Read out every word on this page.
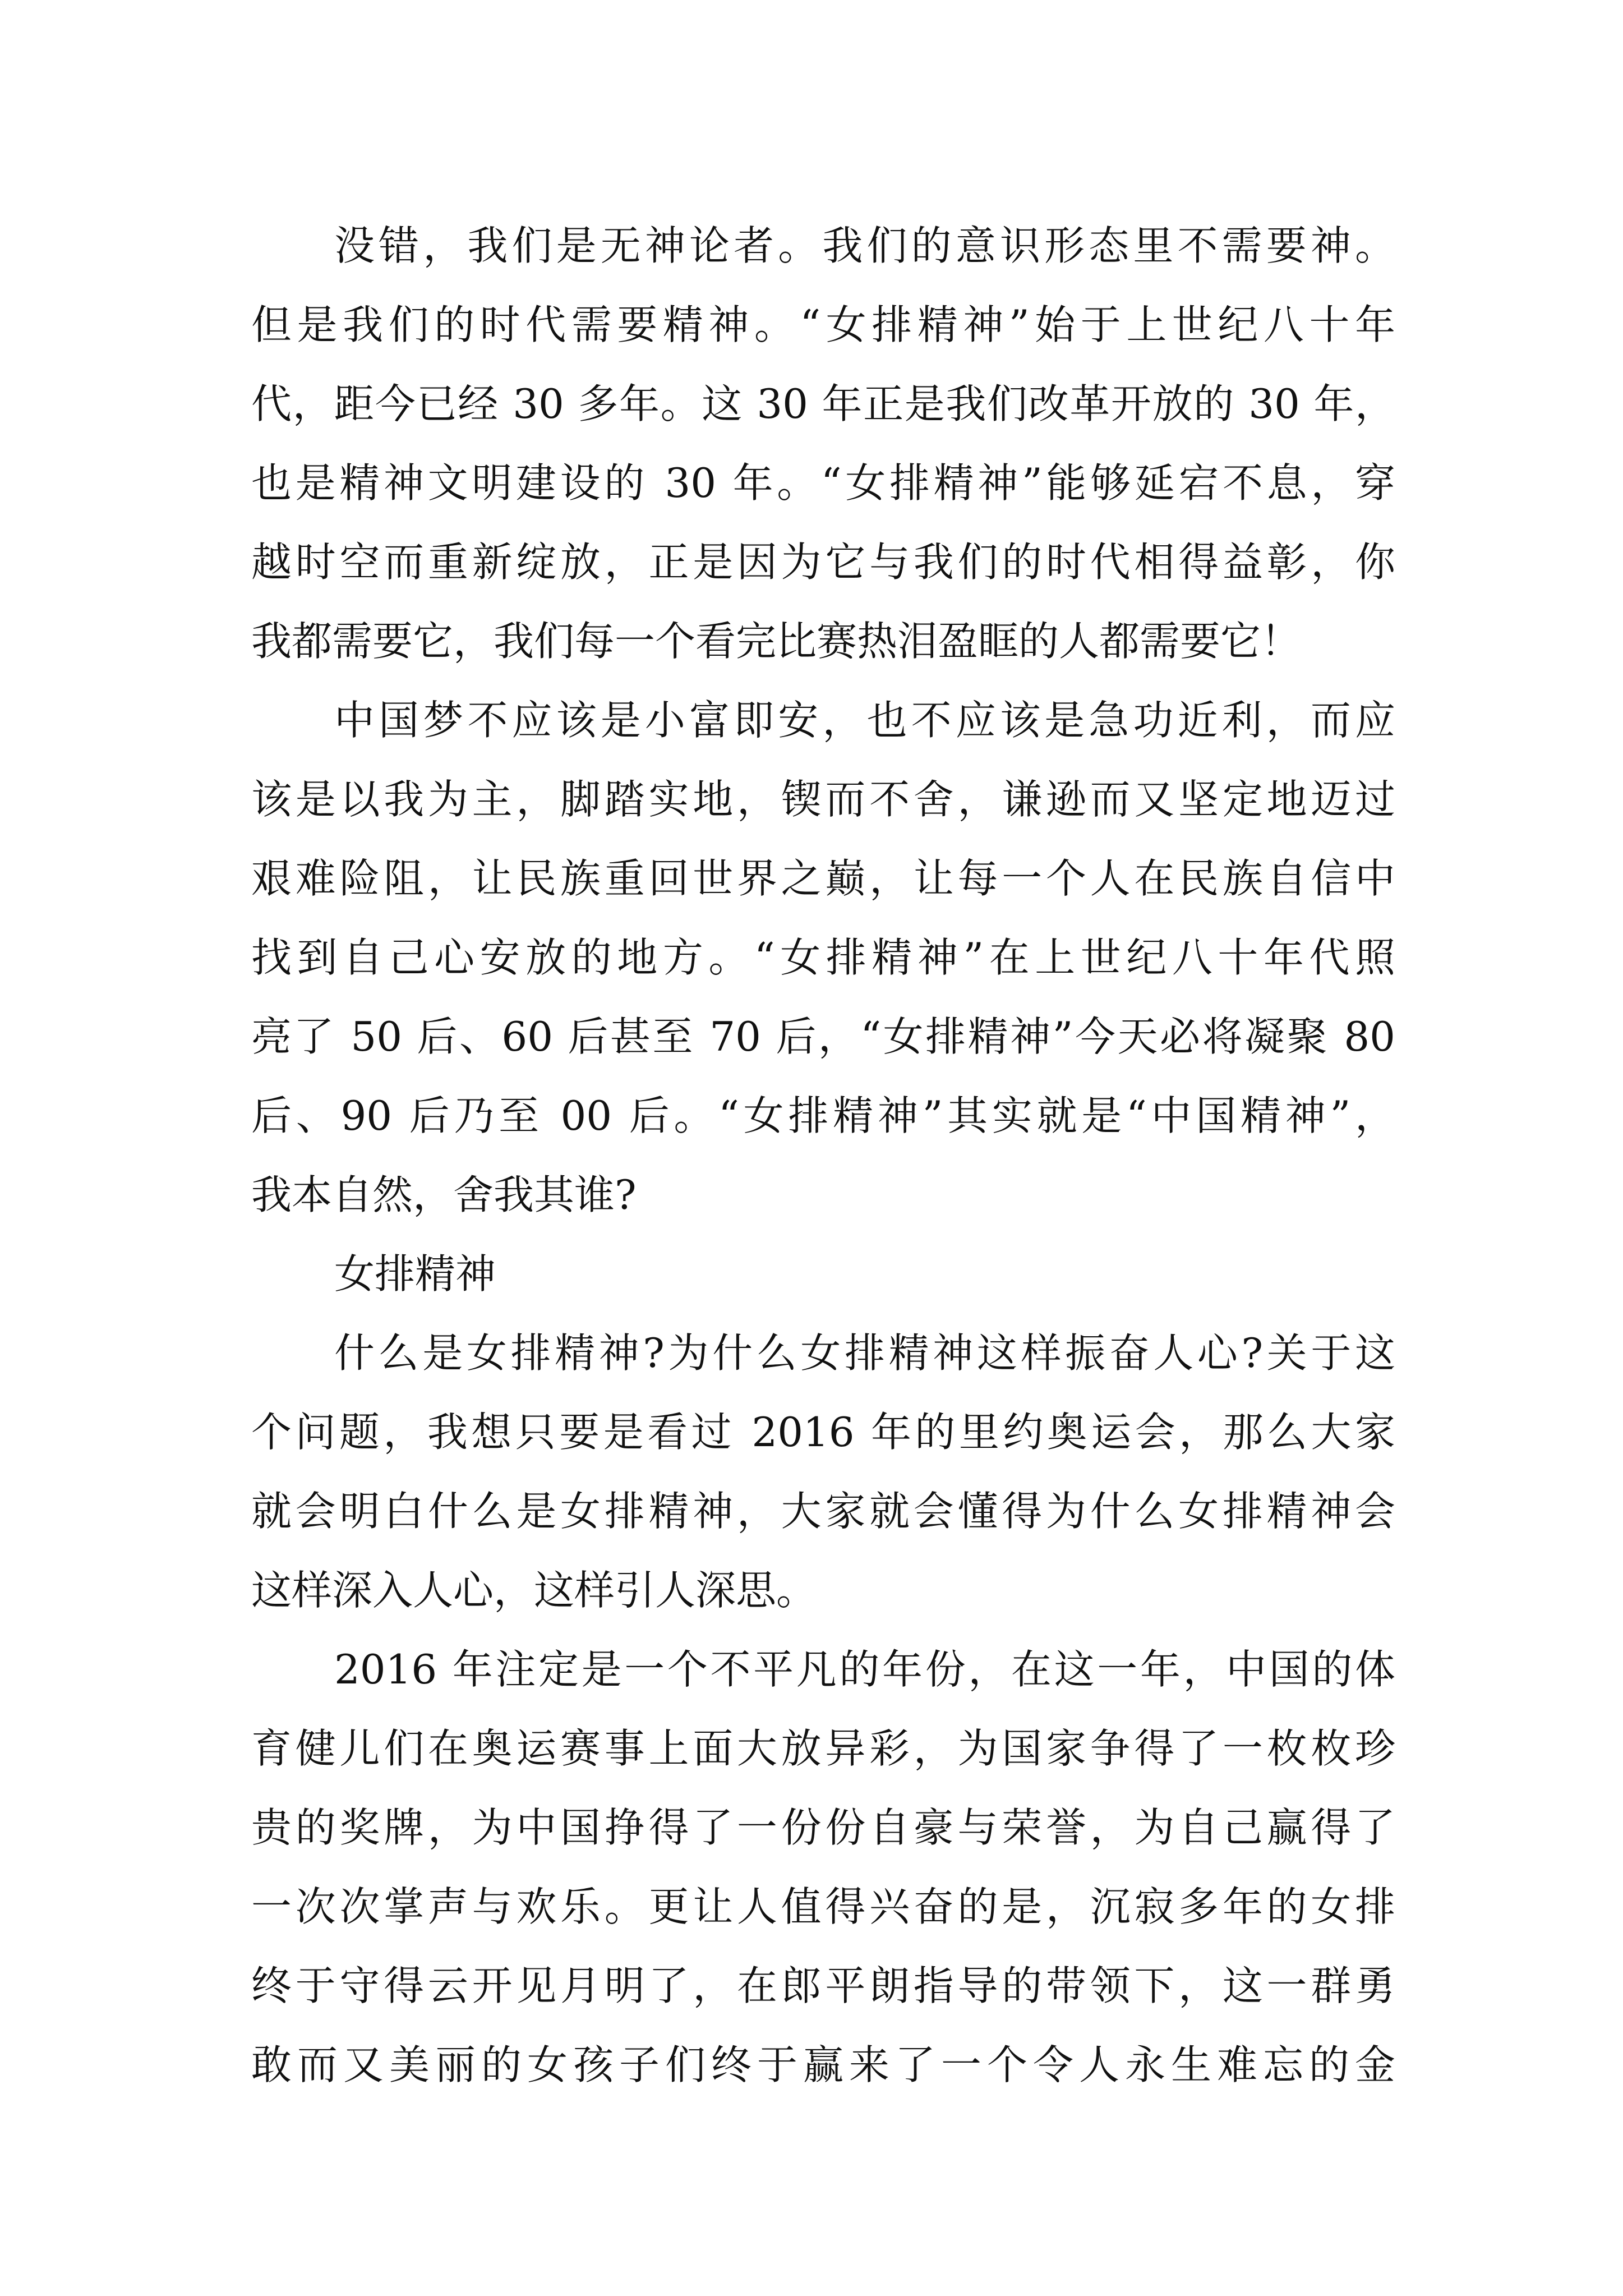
没错，我们是无神论者。我们的意识形态里不需要神。
但是我们的时代需要精神。“女排精神”始于上世纪八十年
代，距今已经 30 多年。这 30 年正是我们改革开放的 30 年，
也是精神文明建设的 30 年。“女排精神”能够延宕不息，穿
越时空而重新绽放，正是因为它与我们的时代相得益彰，你
我都需要它，我们每一个看完比赛热泪盈眶的人都需要它！
中国梦不应该是小富即安，也不应该是急功近利，而应
该是以我为主，脚踏实地，锲而不舍，谦逊而又坚定地迈过
艰难险阻，让民族重回世界之巅，让每一个人在民族自信中
找到自己心安放的地方。“女排精神”在上世纪八十年代照
亮了 50 后、60 后甚至 70 后，“女排精神”今天必将凝聚 80
后、90 后乃至 00 后。“女排精神”其实就是“中国精神”，
我本自然，舍我其谁?
女排精神
什么是女排精神?为什么女排精神这样振奋人心?关于这
个问题，我想只要是看过 2016 年的里约奥运会，那么大家
就会明白什么是女排精神，大家就会懂得为什么女排精神会
这样深入人心，这样引人深思。
2016 年注定是一个不平凡的年份，在这一年，中国的体
育健儿们在奥运赛事上面大放异彩，为国家争得了一枚枚珍
贵的奖牌，为中国挣得了一份份自豪与荣誉，为自己赢得了
一次次掌声与欢乐。更让人值得兴奋的是，沉寂多年的女排
终于守得云开见月明了，在郎平朗指导的带领下，这一群勇
敢而又美丽的女孩子们终于赢来了一个令人永生难忘的金
